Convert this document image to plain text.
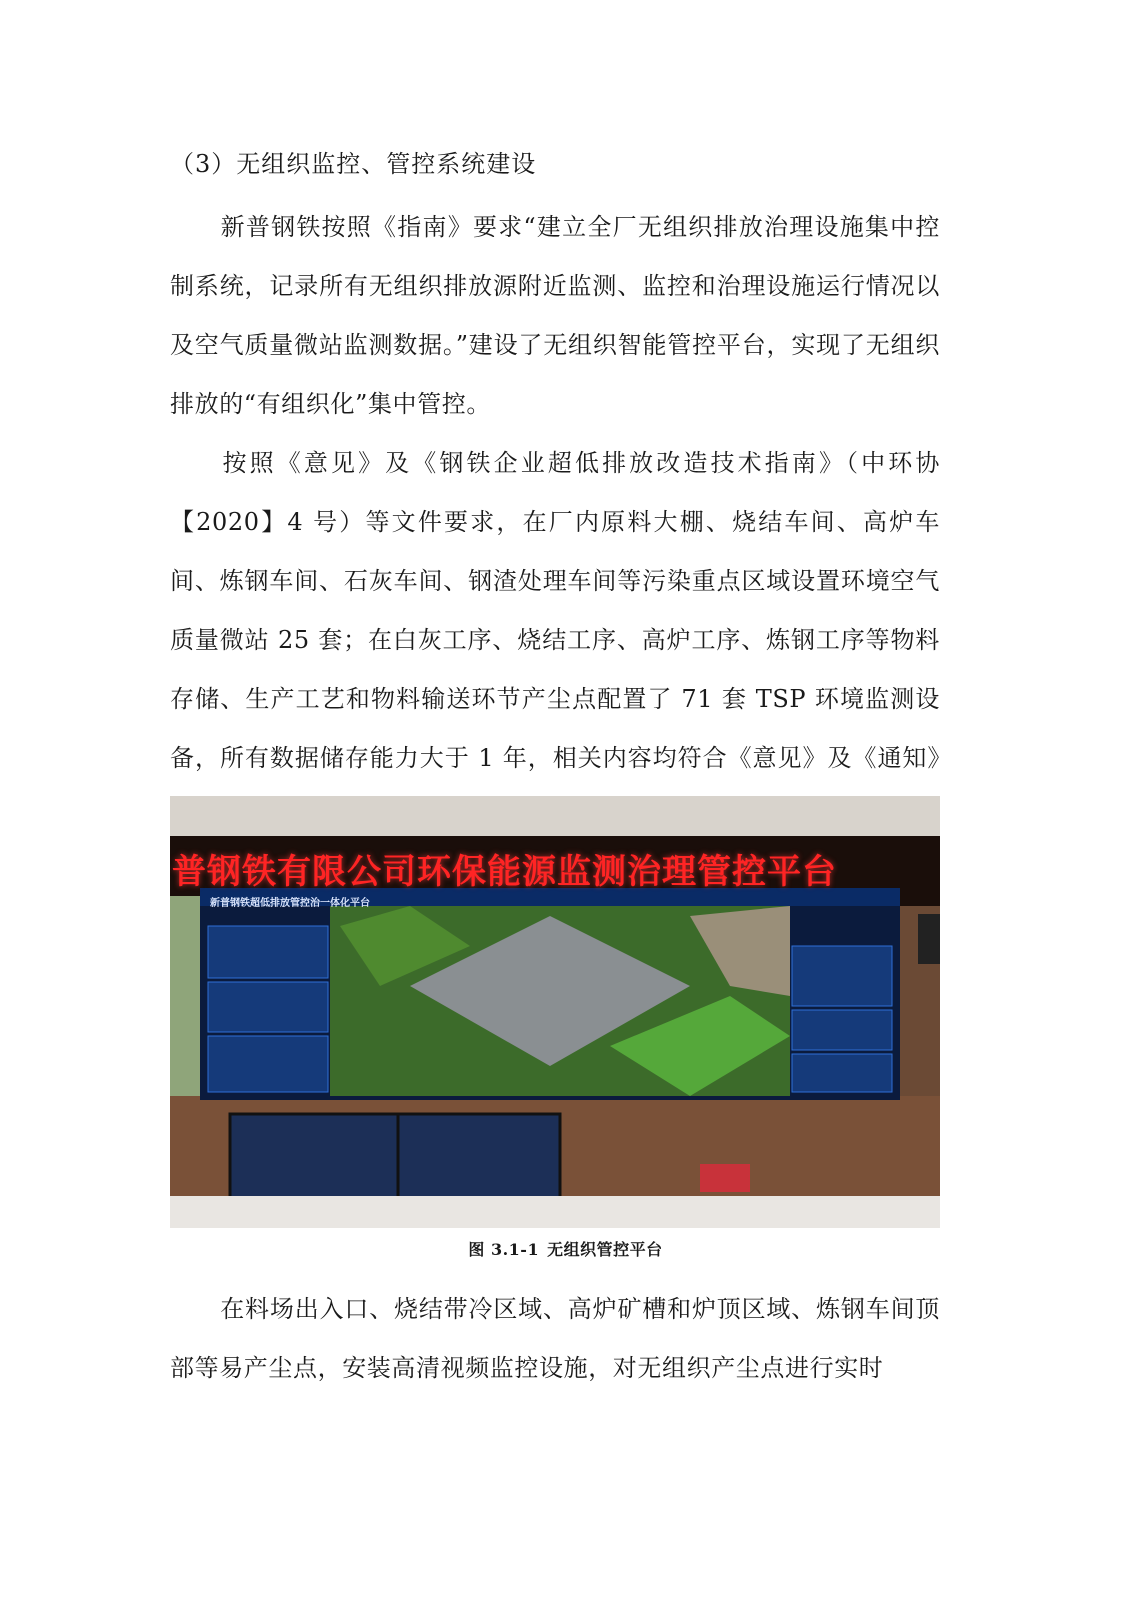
（3）无组织监控、管控系统建设

新普钢铁按照《指南》要求“建立全厂无组织排放治理设施集中控制系统，记录所有无组织排放源附近监测、监控和治理设施运行情况以及空气质量微站监测数据。”建设了无组织智能管控平台，实现了无组织排放的“有组织化”集中管控。

按照《意见》及《钢铁企业超低排放改造技术指南》（中环协【2020】4 号）等文件要求，在厂内原料大棚、烧结车间、高炉车间、炼钢车间、石灰车间、钢渣处理车间等污染重点区域设置环境空气质量微站 25 套；在白灰工序、烧结工序、高炉工序、炼钢工序等物料存储、生产工艺和物料输送环节产尘点配置了 71 套 TSP 环境监测设备，所有数据储存能力大于 1 年，相关内容均符合《意见》及《通知》

普钢铁有限公司环保能源监测治理管控平台
新普钢铁超低排放管控治一体化平台
图 3.1-1 无组织管控平台

在料场出入口、烧结带冷区域、高炉矿槽和炉顶区域、炼钢车间顶部等易产尘点，安装高清视频监控设施，对无组织产尘点进行实时
